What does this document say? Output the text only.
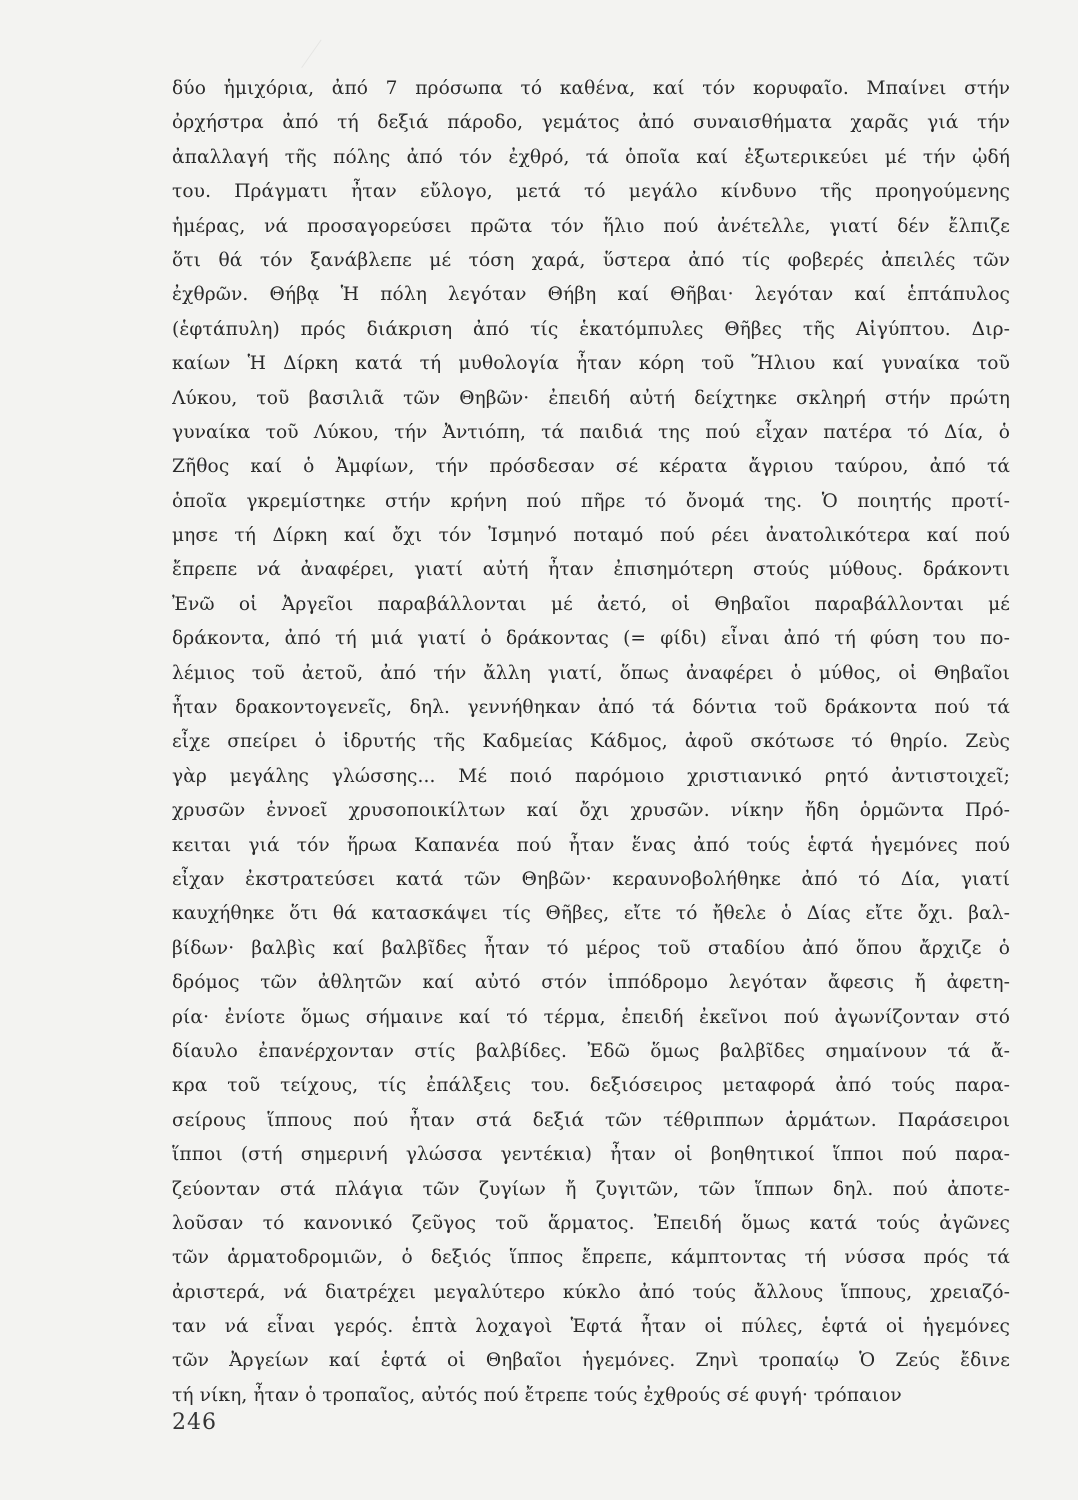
δύο ἡμιχόρια, ἀπό 7 πρόσωπα τό καθένα, καί τόν κορυφαῖο. Μπαίνει στήν
ὀρχήστρα ἀπό τή δεξιά πάροδο, γεμάτος ἀπό συναισθήματα χαρᾶς γιά τήν
ἀπαλλαγή τῆς πόλης ἀπό τόν ἐχθρό, τά ὁποῖα καί ἐξωτερικεύει μέ τήν ᾠδή
του. Πράγματι ἦταν εὔλογο, μετά τό μεγάλο κίνδυνο τῆς προηγούμενης
ἡμέρας, νά προσαγορεύσει πρῶτα τόν ἥλιο πού ἀνέτελλε, γιατί δέν ἔλπιζε
ὅτι θά τόν ξανάβλεπε μέ τόση χαρά, ὕστερα ἀπό τίς φοβερές ἀπειλές τῶν
ἐχθρῶν. Θήβᾳ Ἡ πόλη λεγόταν Θήβη καί Θῆβαι· λεγόταν καί ἑπτάπυλος
(ἑφτάπυλη) πρός διάκριση ἀπό τίς ἑκατόμπυλες Θῆβες τῆς Αἰγύπτου. Διρ-
καίων Ἡ Δίρκη κατά τή μυθολογία ἦταν κόρη τοῦ Ἥλιου καί γυναίκα τοῦ
Λύκου, τοῦ βασιλιᾶ τῶν Θηβῶν· ἐπειδή αὐτή δείχτηκε σκληρή στήν πρώτη
γυναίκα τοῦ Λύκου, τήν Ἀντιόπη, τά παιδιά της πού εἶχαν πατέρα τό Δία, ὁ
Ζῆθος καί ὁ Ἀμφίων, τήν πρόσδεσαν σέ κέρατα ἄγριου ταύρου, ἀπό τά
ὁποῖα γκρεμίστηκε στήν κρήνη πού πῆρε τό ὄνομά της. Ὁ ποιητής προτί-
μησε τή Δίρκη καί ὄχι τόν Ἰσμηνό ποταμό πού ρέει ἀνατολικότερα καί πού
ἔπρεπε νά ἀναφέρει, γιατί αὐτή ἦταν ἐπισημότερη στούς μύθους. δράκοντι
Ἐνῶ οἱ Ἀργεῖοι παραβάλλονται μέ ἀετό, οἱ Θηβαῖοι παραβάλλονται μέ
δράκοντα, ἀπό τή μιά γιατί ὁ δράκοντας (= φίδι) εἶναι ἀπό τή φύση του πο-
λέμιος τοῦ ἀετοῦ, ἀπό τήν ἄλλη γιατί, ὅπως ἀναφέρει ὁ μύθος, οἱ Θηβαῖοι
ἦταν δρακοντογενεῖς, δηλ. γεννήθηκαν ἀπό τά δόντια τοῦ δράκοντα πού τά
εἶχε σπείρει ὁ ἱδρυτής τῆς Καδμείας Κάδμος, ἀφοῦ σκότωσε τό θηρίο. Ζεὺς
γὰρ μεγάλης γλώσσης... Μέ ποιό παρόμοιο χριστιανικό ρητό ἀντιστοιχεῖ;
χρυσῶν ἐννοεῖ χρυσοποικίλτων καί ὄχι χρυσῶν. νίκην ἤδη ὁρμῶντα Πρό-
κειται γιά τόν ἥρωα Καπανέα πού ἦταν ἕνας ἀπό τούς ἑφτά ἡγεμόνες πού
εἶχαν ἐκστρατεύσει κατά τῶν Θηβῶν· κεραυνοβολήθηκε ἀπό τό Δία, γιατί
καυχήθηκε ὅτι θά κατασκάψει τίς Θῆβες, εἴτε τό ἤθελε ὁ Δίας εἴτε ὄχι. βαλ-
βίδων· βαλβὶς καί βαλβῖδες ἦταν τό μέρος τοῦ σταδίου ἀπό ὅπου ἄρχιζε ὁ
δρόμος τῶν ἀθλητῶν καί αὐτό στόν ἱππόδρομο λεγόταν ἄφεσις ἤ ἀφετη-
ρία· ἐνίοτε ὅμως σήμαινε καί τό τέρμα, ἐπειδή ἐκεῖνοι πού ἀγωνίζονταν στό
δίαυλο ἐπανέρχονταν στίς βαλβίδες. Ἐδῶ ὅμως βαλβῖδες σημαίνουν τά ἄ-
κρα τοῦ τείχους, τίς ἐπάλξεις του. δεξιόσειρος μεταφορά ἀπό τούς παρα-
σείρους ἵππους πού ἦταν στά δεξιά τῶν τέθριππων ἁρμάτων. Παράσειροι
ἵπποι (στή σημερινή γλώσσα γεντέκια) ἦταν οἱ βοηθητικοί ἵπποι πού παρα-
ζεύονταν στά πλάγια τῶν ζυγίων ἤ ζυγιτῶν, τῶν ἵππων δηλ. πού ἀποτε-
λοῦσαν τό κανονικό ζεῦγος τοῦ ἅρματος. Ἐπειδή ὅμως κατά τούς ἀγῶνες
τῶν ἁρματοδρομιῶν, ὁ δεξιός ἵππος ἔπρεπε, κάμπτοντας τή νύσσα πρός τά
ἀριστερά, νά διατρέχει μεγαλύτερο κύκλο ἀπό τούς ἄλλους ἵππους, χρειαζό-
ταν νά εἶναι γερός. ἑπτὰ λοχαγοὶ Ἑφτά ἦταν οἱ πύλες, ἑφτά οἱ ἡγεμόνες
τῶν Ἀργείων καί ἑφτά οἱ Θηβαῖοι ἡγεμόνες. Ζηνὶ τροπαίῳ Ὁ Ζεύς ἔδινε
τή νίκη, ἦταν ὁ τροπαῖος, αὐτός πού ἔτρεπε τούς ἐχθρούς σέ φυγή· τρόπαιον
246
